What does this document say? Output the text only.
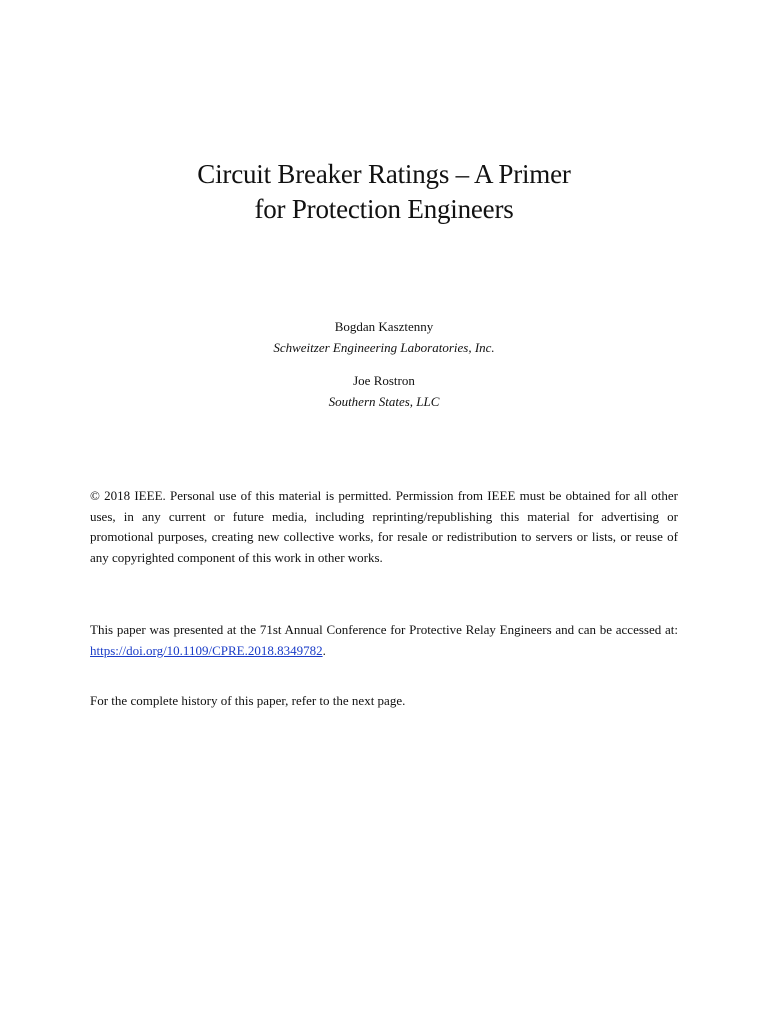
Circuit Breaker Ratings – A Primer
for Protection Engineers
Bogdan Kasztenny
Schweitzer Engineering Laboratories, Inc.
Joe Rostron
Southern States, LLC

© 2018 IEEE. Personal use of this material is permitted. Permission from IEEE must be obtained for all other uses, in any current or future media, including reprinting/republishing this material for advertising or promotional purposes, creating new collective works, for resale or redistribution to servers or lists, or reuse of any copyrighted component of this work in other works.

This paper was presented at the 71st Annual Conference for Protective Relay Engineers and can be accessed at: https://doi.org/10.1109/CPRE.2018.8349782.

For the complete history of this paper, refer to the next page.
